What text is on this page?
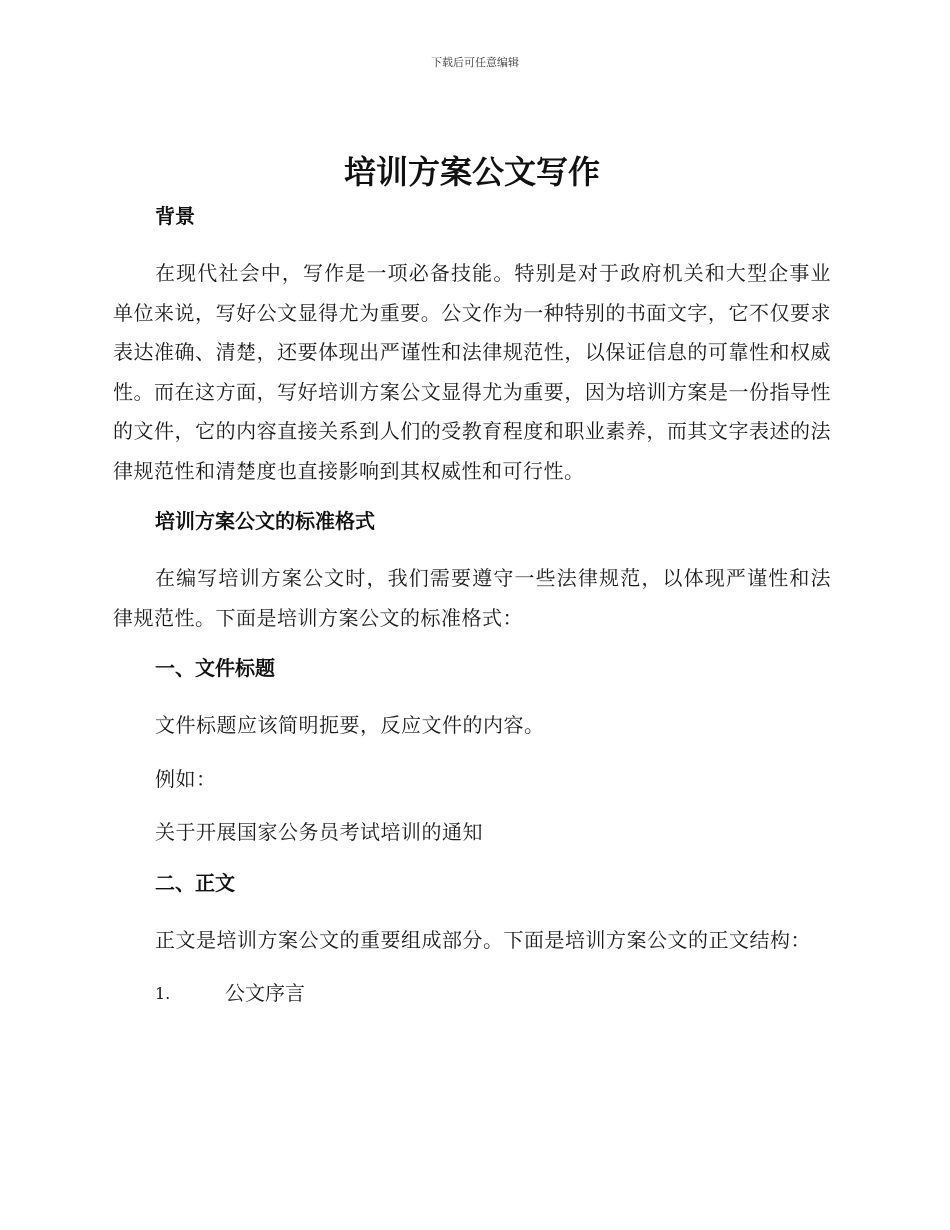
下载后可任意编辑
培训方案公文写作
背景

在现代社会中，写作是一项必备技能。特别是对于政府机关和大型企事业单位来说，写好公文显得尤为重要。公文作为一种特别的书面文字，它不仅要求表达准确、清楚，还要体现出严谨性和法律规范性，以保证信息的可靠性和权威性。而在这方面，写好培训方案公文显得尤为重要，因为培训方案是一份指导性的文件，它的内容直接关系到人们的受教育程度和职业素养，而其文字表述的法律规范性和清楚度也直接影响到其权威性和可行性。

培训方案公文的标准格式

在编写培训方案公文时，我们需要遵守一些法律规范，以体现严谨性和法律规范性。下面是培训方案公文的标准格式：

一、文件标题

文件标题应该简明扼要，反应文件的内容。

例如：

关于开展国家公务员考试培训的通知

二、正文

正文是培训方案公文的重要组成部分。下面是培训方案公文的正文结构：

1.	公文序言
